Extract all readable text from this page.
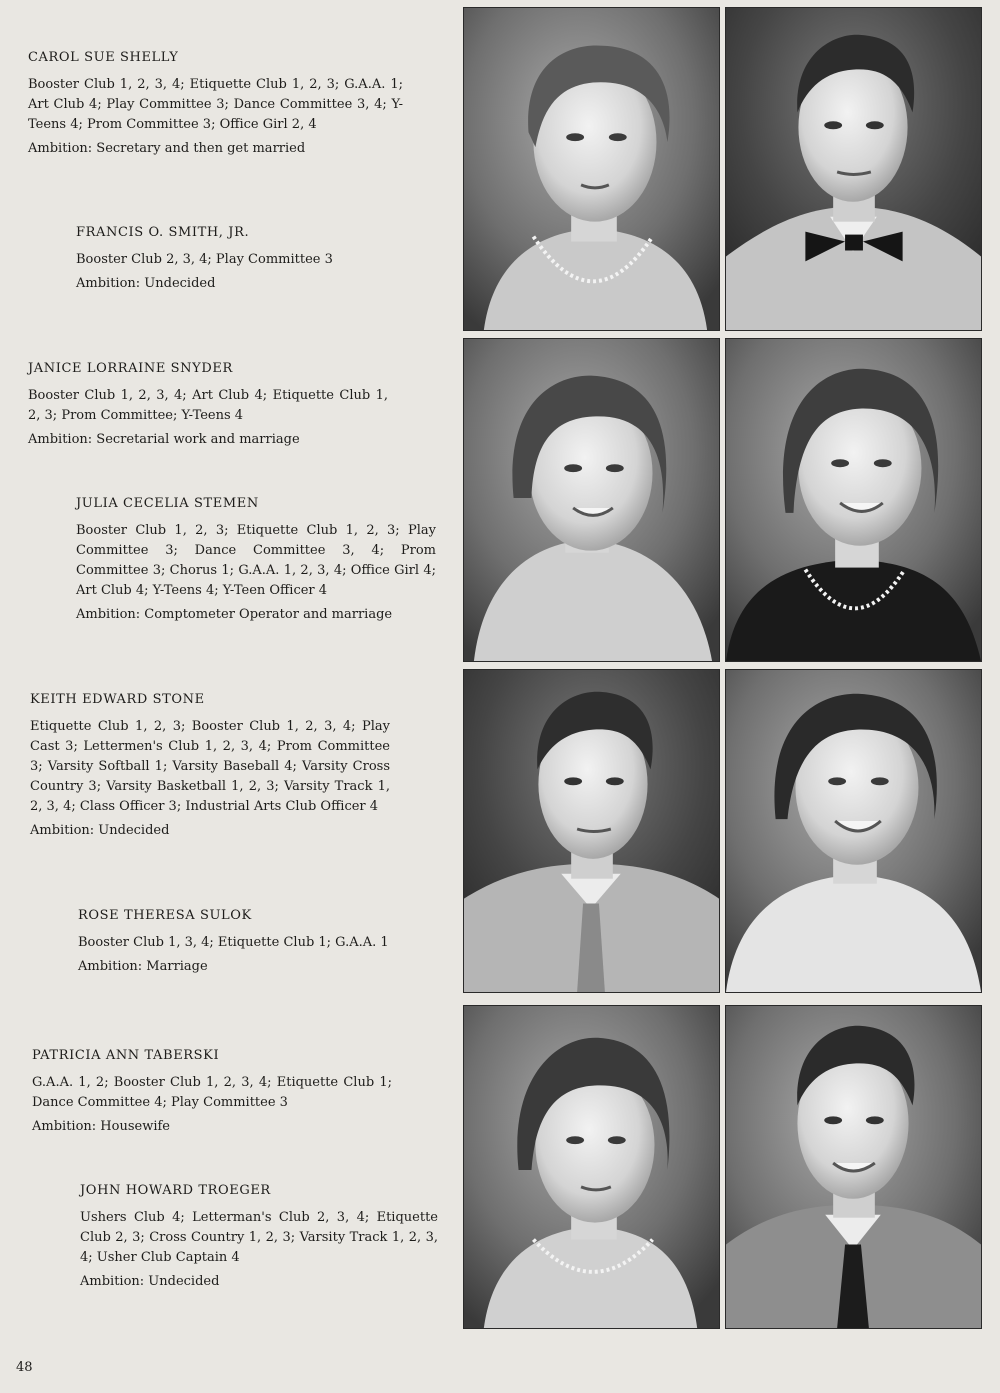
CAROL SUE SHELLY

Booster Club 1, 2, 3, 4; Etiquette Club 1, 2, 3; G.A.A. 1; Art Club 4; Play Committee 3; Dance Committee 3, 4; Y-Teens 4; Prom Committee 3; Office Girl 2, 4

Ambition: Secretary and then get married

FRANCIS O. SMITH, JR.

Booster Club 2, 3, 4; Play Committee 3

Ambition: Undecided

JANICE LORRAINE SNYDER

Booster Club 1, 2, 3, 4; Art Club 4; Etiquette Club 1, 2, 3; Prom Committee; Y-Teens 4

Ambition: Secretarial work and marriage

JULIA CECELIA STEMEN

Booster Club 1, 2, 3; Etiquette Club 1, 2, 3; Play Committee 3; Dance Committee 3, 4; Prom Committee 3; Chorus 1; G.A.A. 1, 2, 3, 4; Office Girl 4; Art Club 4; Y-Teens 4; Y-Teen Officer 4

Ambition: Comptometer Operator and marriage

KEITH EDWARD STONE

Etiquette Club 1, 2, 3; Booster Club 1, 2, 3, 4; Play Cast 3; Lettermen's Club 1, 2, 3, 4; Prom Committee 3; Varsity Softball 1; Varsity Baseball 4; Varsity Cross Country 3; Varsity Basketball 1, 2, 3; Varsity Track 1, 2, 3, 4; Class Officer 3; Industrial Arts Club Officer 4

Ambition: Undecided

ROSE THERESA SULOK

Booster Club 1, 3, 4; Etiquette Club 1; G.A.A. 1

Ambition: Marriage

PATRICIA ANN TABERSKI

G.A.A. 1, 2; Booster Club 1, 2, 3, 4; Etiquette Club 1; Dance Committee 4; Play Committee 3

Ambition: Housewife

JOHN HOWARD TROEGER

Ushers Club 4; Letterman's Club 2, 3, 4; Etiquette Club 2, 3; Cross Country 1, 2, 3; Varsity Track 1, 2, 3, 4; Usher Club Captain 4

Ambition: Undecided

48
